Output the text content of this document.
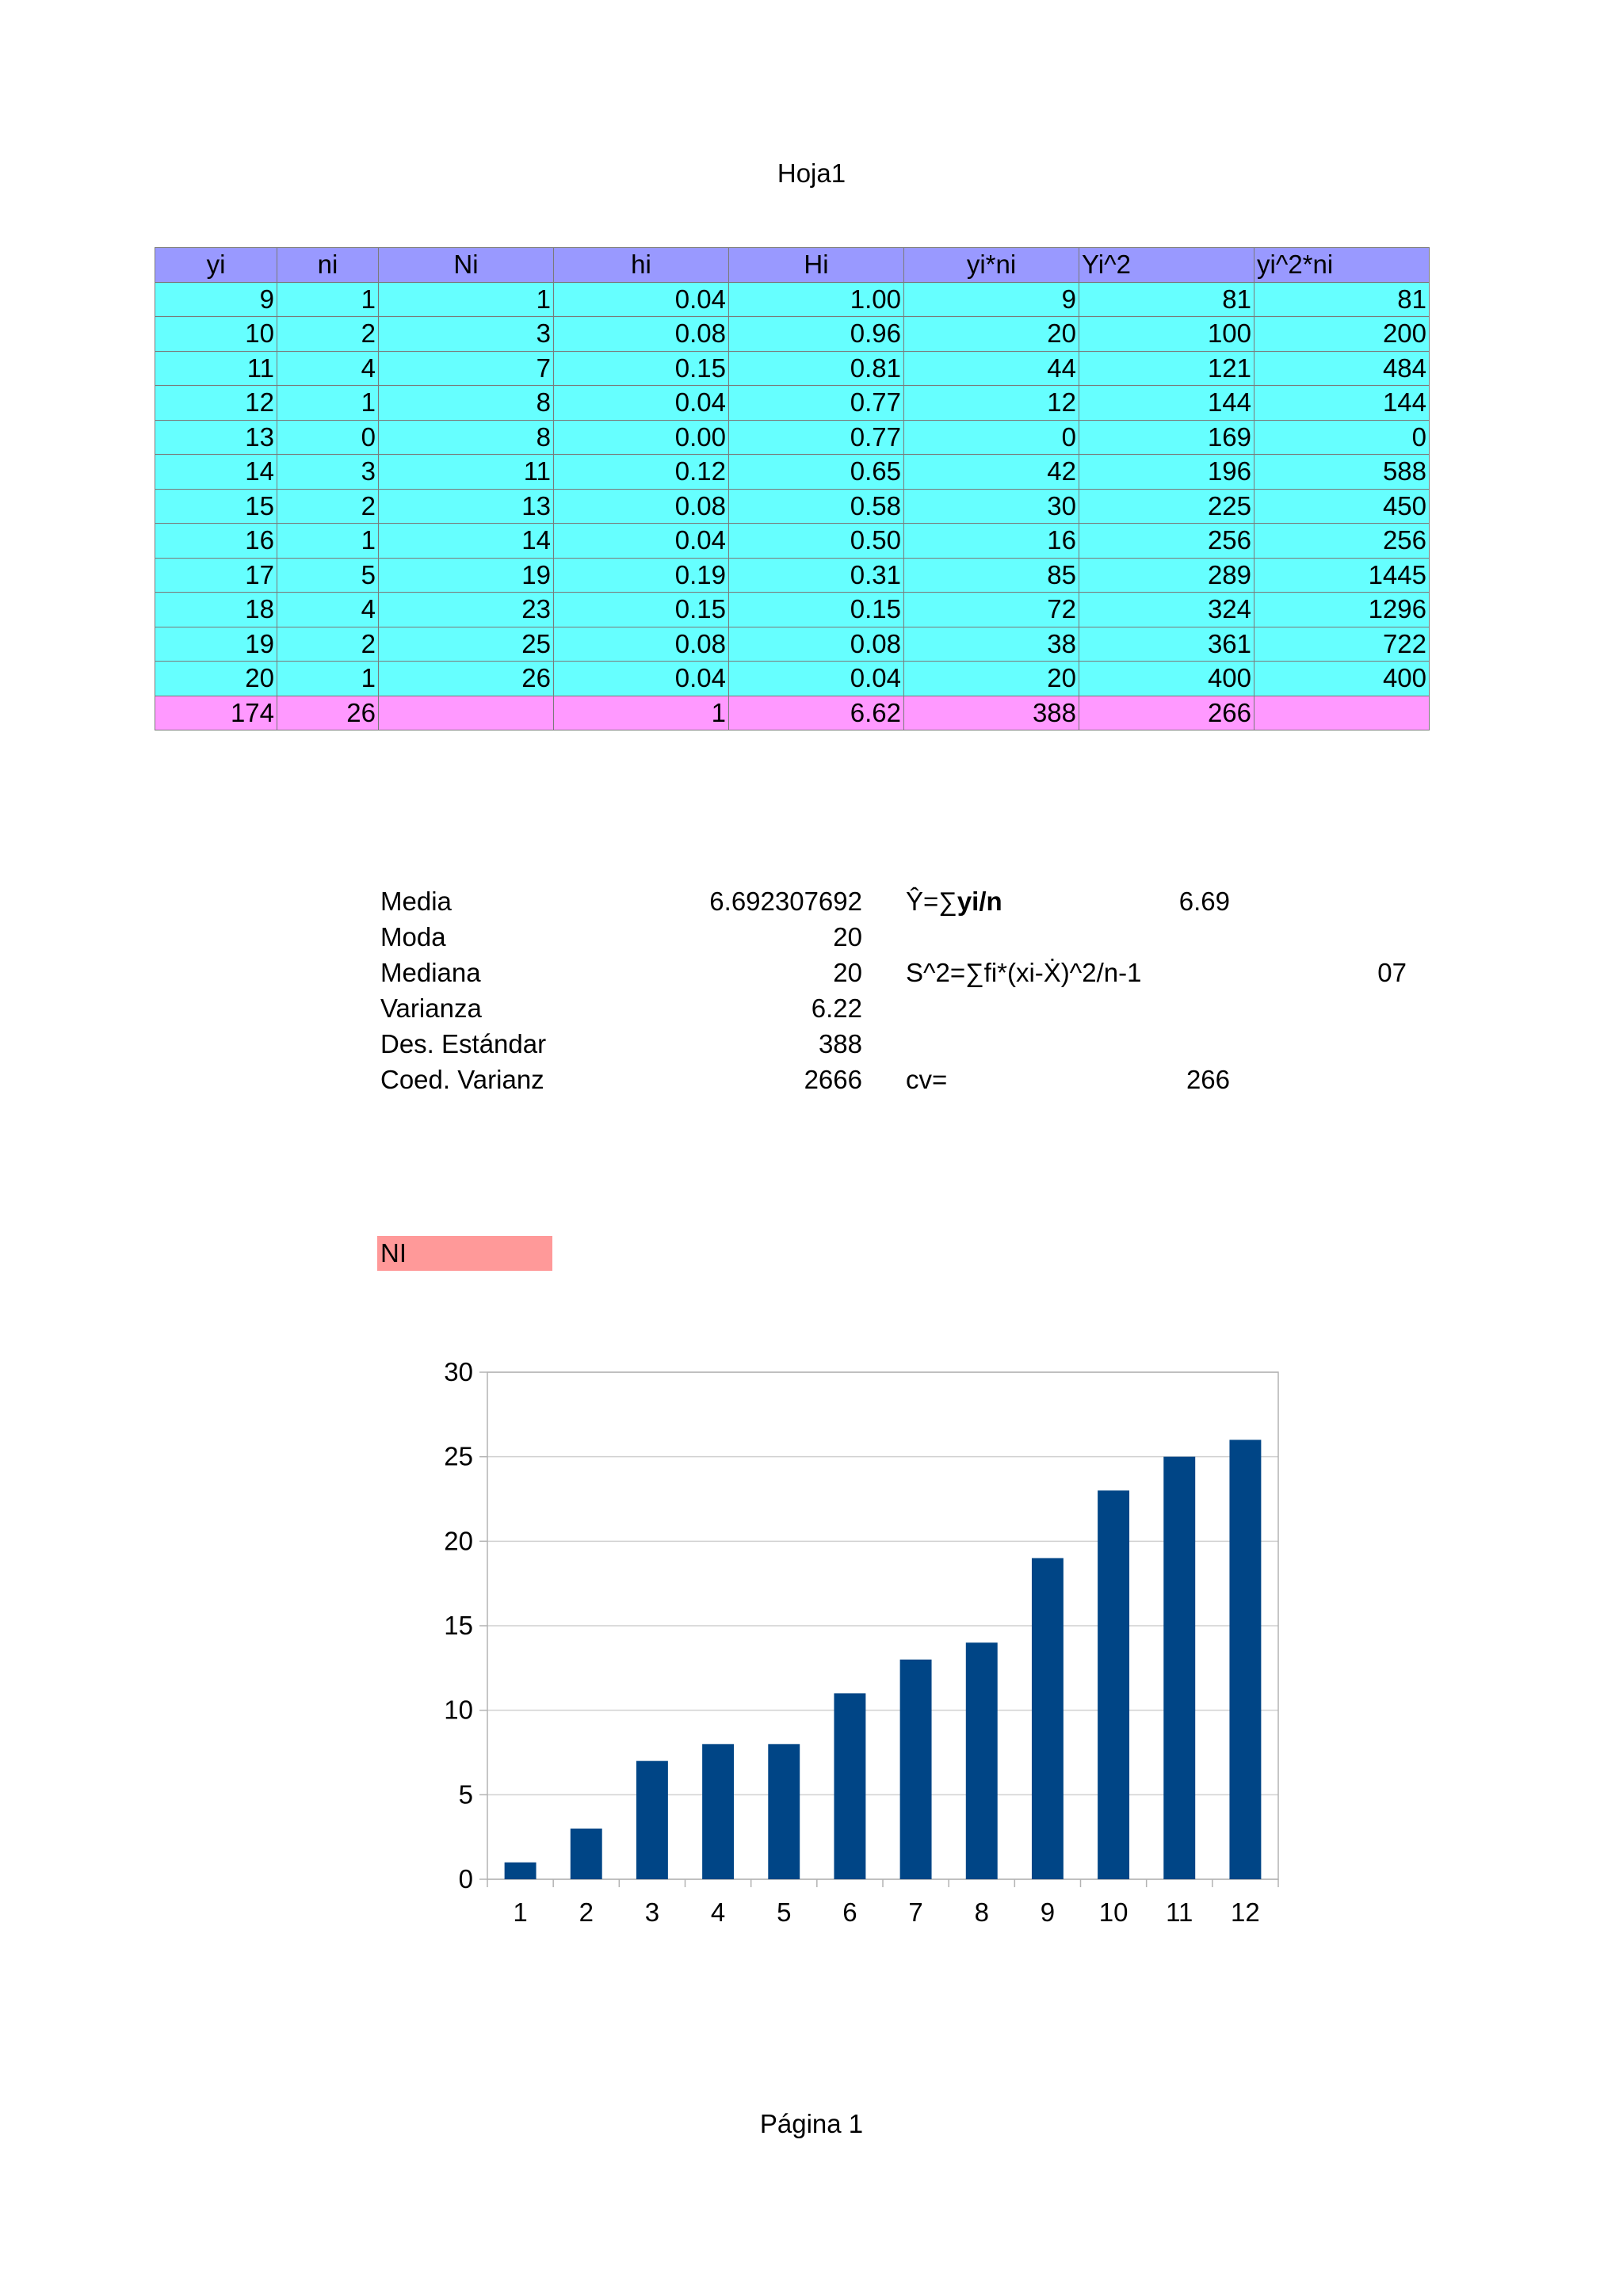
Hoja1
yi	ni	Ni	hi	Hi	yi*ni	Yi^2	yi^2*ni
9	1	1	0.04	1.00	9	81	81
10	2	3	0.08	0.96	20	100	200
11	4	7	0.15	0.81	44	121	484
12	1	8	0.04	0.77	12	144	144
13	0	8	0.00	0.77	0	169	0
14	3	11	0.12	0.65	42	196	588
15	2	13	0.08	0.58	30	225	450
16	1	14	0.04	0.50	16	256	256
17	5	19	0.19	0.31	85	289	1445
18	4	23	0.15	0.15	72	324	1296
19	2	25	0.08	0.08	38	361	722
20	1	26	0.04	0.04	20	400	400
174	26		1	6.62	388	266	
Media	6.692307692
Moda	20
Mediana	20
Varianza	6.22
Des. Estándar	388
Coed. Varianz	2666
Ŷ=∑yi/n	6.69
S^2=∑fi*(xi-Ẋ)^2/n-1	07
cv=	266
NI
0
5
10
15
20
25
30
1 2 3 4 5 6 7 8 9 10 11 12
Página 1
